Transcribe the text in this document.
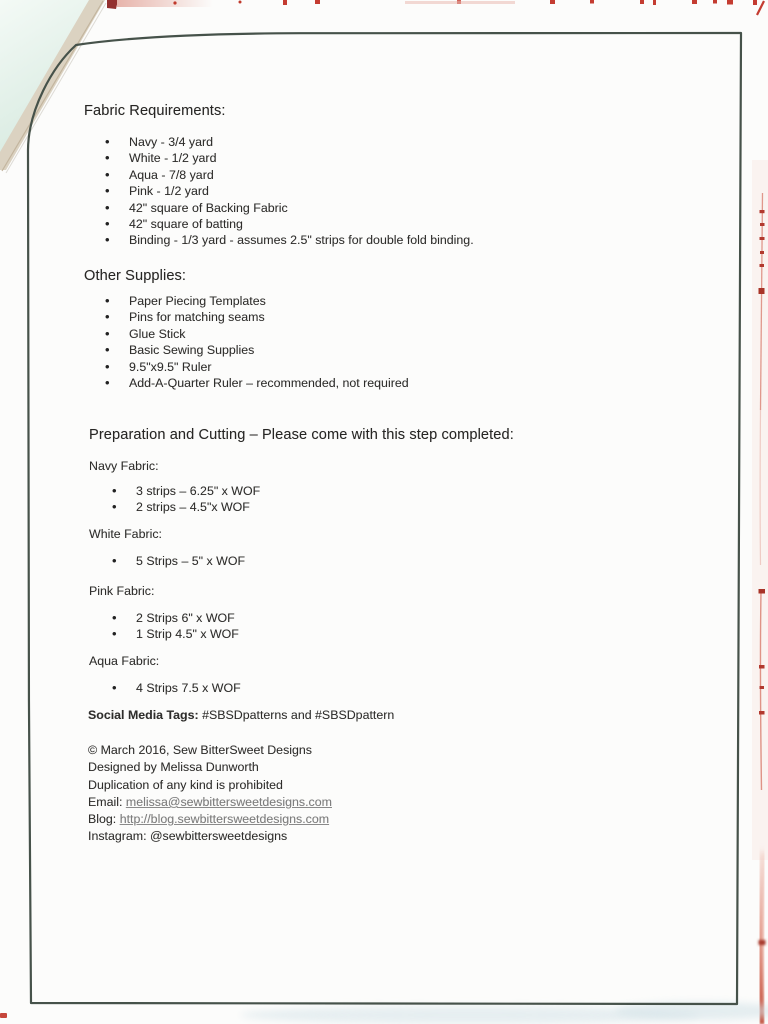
Fabric Requirements:
• Navy - 3/4 yard
• White - 1/2 yard
• Aqua - 7/8 yard
• Pink - 1/2 yard
• 42" square of Backing Fabric
• 42" square of batting
• Binding - 1/3 yard - assumes 2.5" strips for double fold binding.
Other Supplies:
• Paper Piecing Templates
• Pins for matching seams
• Glue Stick
• Basic Sewing Supplies
• 9.5"x9.5" Ruler
• Add-A-Quarter Ruler – recommended, not required
Preparation and Cutting – Please come with this step completed:
Navy Fabric:
• 3 strips – 6.25" x WOF
• 2 strips – 4.5"x WOF
White Fabric:
• 5 Strips – 5" x WOF
Pink Fabric:
• 2 Strips 6" x WOF
• 1 Strip 4.5" x WOF
Aqua Fabric:
• 4 Strips 7.5 x WOF
Social Media Tags: #SBSDpatterns and #SBSDpattern
© March 2016, Sew BitterSweet Designs
Designed by Melissa Dunworth
Duplication of any kind is prohibited
Email: melissa@sewbittersweetdesigns.com
Blog: http://blog.sewbittersweetdesigns.com
Instagram: @sewbittersweetdesigns
